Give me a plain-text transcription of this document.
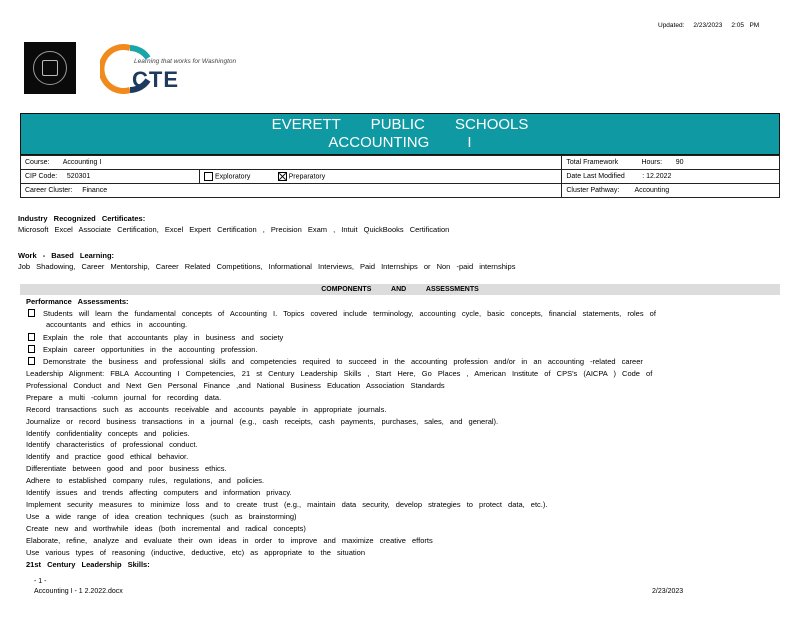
Updated: 2/23/2023 2:05 PM
Learning that works for Washington
CTE
EVERETT PUBLIC SCHOOLS
ACCOUNTING I
Course: Accounting I		Total Framework Hours: 90
CIP Code: 520301	Exploratory Preparatory	Date Last Modified : 12.2022
Career Cluster: Finance		Cluster Pathway: Accounting
Industry Recognized Certificates:
Microsoft Excel Associate Certification, Excel Expert Certification , Precision Exam , Intuit QuickBooks Certification
Work - Based Learning:
Job Shadowing, Career Mentorship, Career Related Competitions, Informational Interviews, Paid Internships or Non -paid internships
COMPONENTS AND ASSESSMENTS
Performance Assessments:
Students will learn the fundamental concepts of Accounting I. Topics covered include terminology, accounting cycle, basic concepts, financial statements, roles of
accountants and ethics in accounting.
Explain the role that accountants play in business and society
Explain career opportunities in the accounting profession.
Demonstrate the business and professional skills and competencies required to succeed in the accounting profession and/or in an accounting -related career
Leadership Alignment: FBLA Accounting I Competencies, 21 st Century Leadership Skills , Start Here, Go Places , American Institute of CPS's (AICPA ) Code of
Professional Conduct and Next Gen Personal Finance ,and National Business Education Association Standards
Prepare a multi -column journal for recording data.
Record transactions such as accounts receivable and accounts payable in appropriate journals.
Journalize or record business transactions in a journal (e.g., cash receipts, cash payments, purchases, sales, and general).
Identify confidentiality concepts and policies.
Identify characteristics of professional conduct.
Identify and practice good ethical behavior.
Differentiate between good and poor business ethics.
Adhere to established company rules, regulations, and policies.
Identify issues and trends affecting computers and information privacy.
Implement security measures to minimize loss and to create trust (e.g., maintain data security, develop strategies to protect data, etc.).
Use a wide range of idea creation techniques (such as brainstorming)
Create new and worthwhile ideas (both incremental and radical concepts)
Elaborate, refine, analyze and evaluate their own ideas in order to improve and maximize creative efforts
Use various types of reasoning (inductive, deductive, etc) as appropriate to the situation
21st Century Leadership Skills:
- 1 -
Accounting I - 1 2.2022.docx	2/23/2023
